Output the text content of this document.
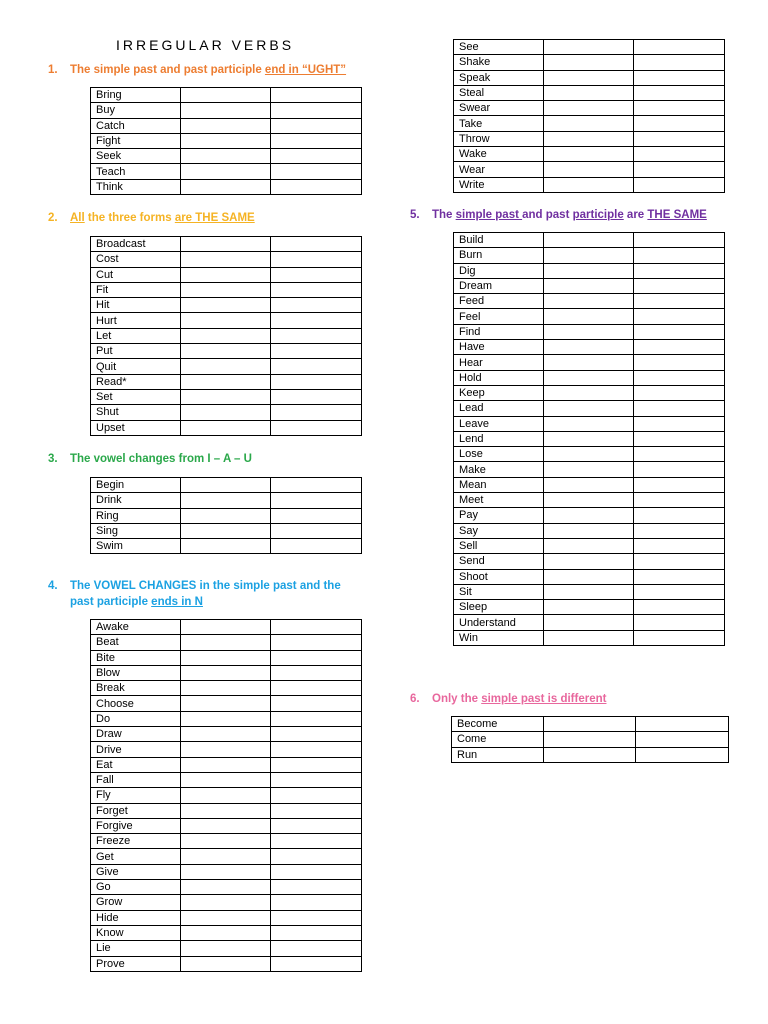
IRREGULAR VERBS
1. The simple past and past participle end in “UGHT”
Bring		
Buy		
Catch		
Fight		
Seek		
Teach		
Think		
2. All the three forms are THE SAME
Broadcast		
Cost		
Cut		
Fit		
Hit		
Hurt		
Let		
Put		
Quit		
Read*		
Set		
Shut		
Upset		
3. The vowel changes from I – A – U
Begin		
Drink		
Ring		
Sing		
Swim		
4. The VOWEL CHANGES in the simple past and the
past participle ends in N
Awake		
Beat		
Bite		
Blow		
Break		
Choose		
Do		
Draw		
Drive		
Eat		
Fall		
Fly		
Forget		
Forgive		
Freeze		
Get		
Give		
Go		
Grow		
Hide		
Know		
Lie		
Prove		
See		
Shake		
Speak		
Steal		
Swear		
Take		
Throw		
Wake		
Wear		
Write		
5. The simple past and past participle are THE SAME
Build		
Burn		
Dig		
Dream		
Feed		
Feel		
Find		
Have		
Hear		
Hold		
Keep		
Lead		
Leave		
Lend		
Lose		
Make		
Mean		
Meet		
Pay		
Say		
Sell		
Send		
Shoot		
Sit		
Sleep		
Understand		
Win		
6. Only the simple past is different
Become		
Come		
Run		
